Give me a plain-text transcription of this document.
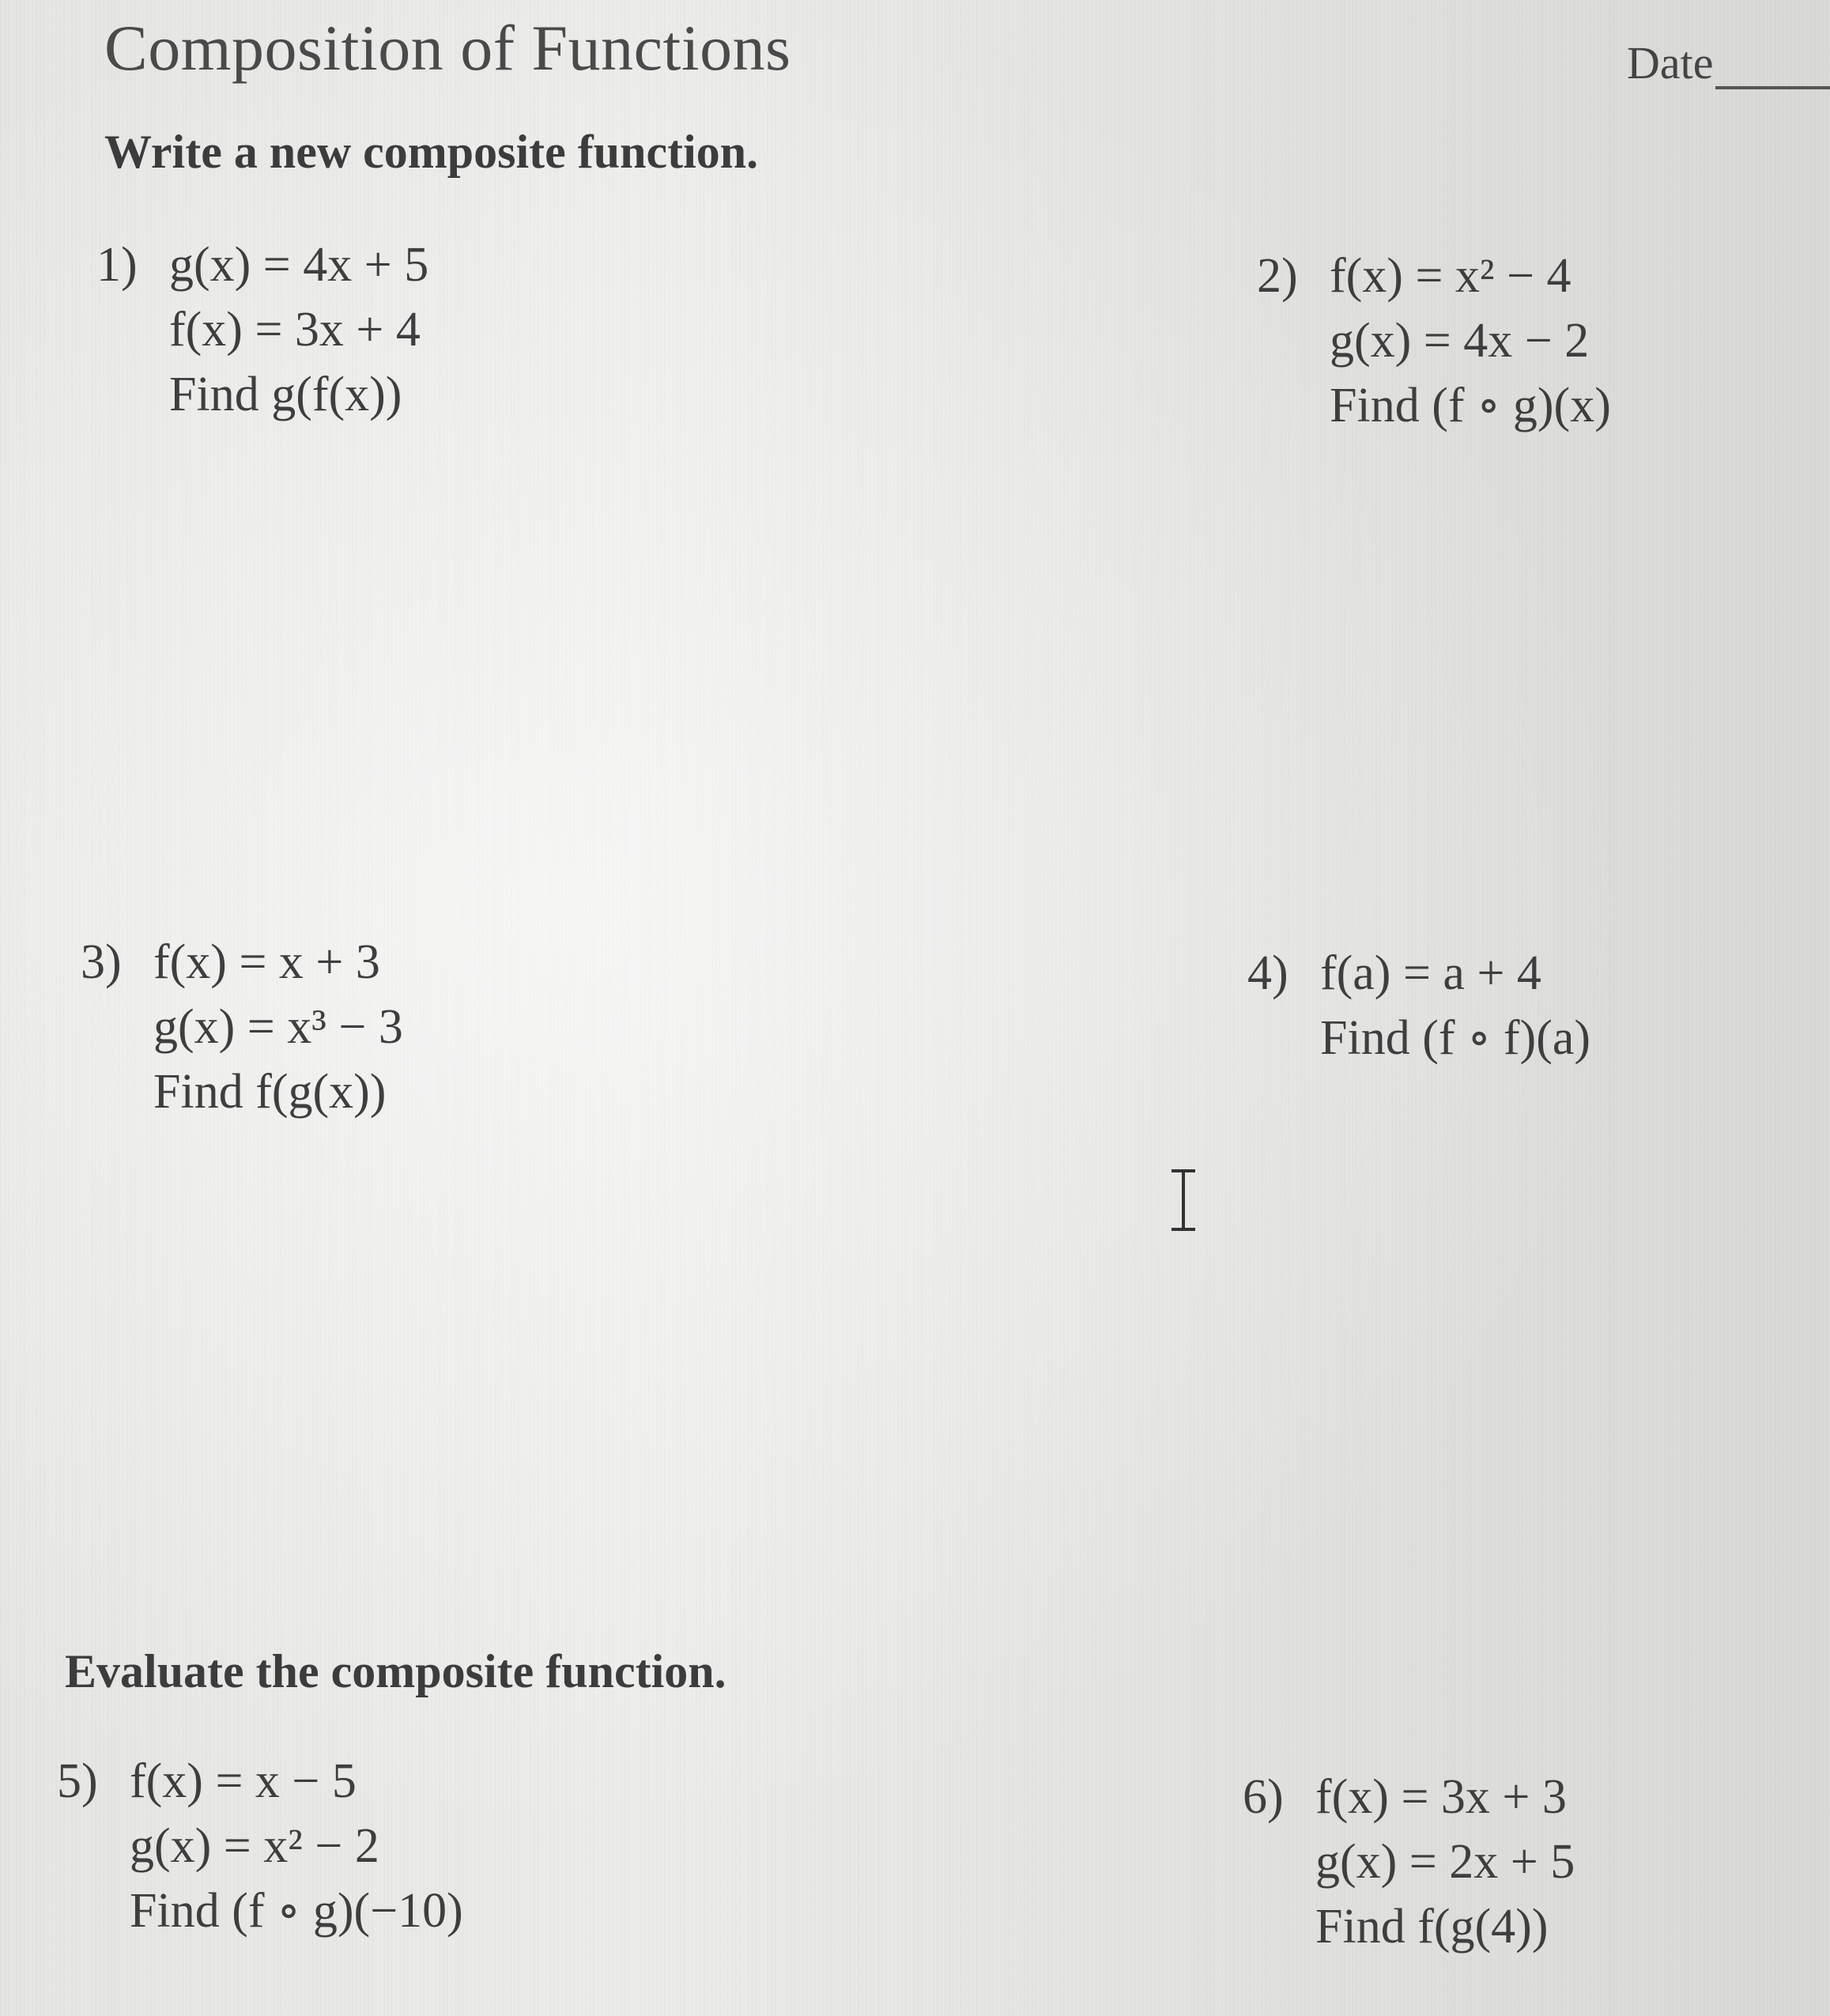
Composition of Functions	Date
Write a new composite function.
1) g(x) = 4x + 5
f(x) = 3x + 4
Find g(f(x))
2) f(x) = x² − 4
g(x) = 4x − 2
Find (f ∘ g)(x)
3) f(x) = x + 3
g(x) = x³ − 3
Find f(g(x))
4) f(a) = a + 4
Find (f ∘ f)(a)
Evaluate the composite function.
5) f(x) = x − 5
g(x) = x² − 2
Find (f ∘ g)(−10)
6) f(x) = 3x + 3
g(x) = 2x + 5
Find f(g(4))
